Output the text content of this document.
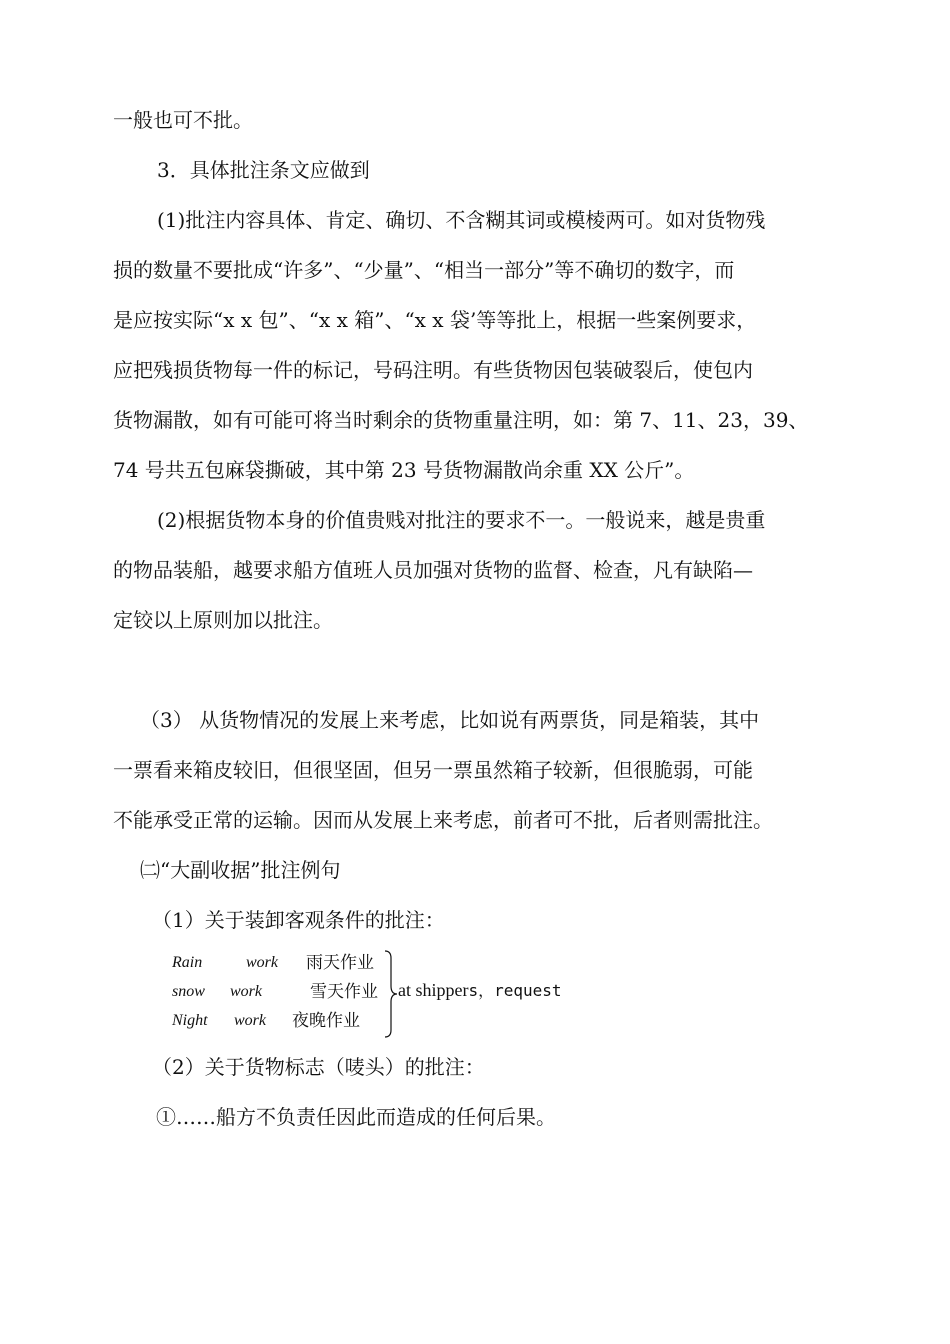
一般也可不批。
3．具体批注条文应做到
(1)批注内容具体、肯定、确切、不含糊其词或模棱两可。如对货物残
损的数量不要批成“许多”、“少量”、“相当一部分”等不确切的数字，而
是应按实际“x x 包”、“x x 箱”、“x x 袋’等等批上，根据一些案例要求，
应把残损货物每一件的标记，号码注明。有些货物因包装破裂后，使包内
货物漏散，如有可能可将当时剩余的货物重量注明，如：第 7、11、23，39、
74 号共五包麻袋撕破，其中第 23 号货物漏散尚余重 XX 公斤”。
(2)根据货物本身的价值贵贱对批注的要求不一。一般说来，越是贵重
的物品装船，越要求船方值班人员加强对货物的监督、检查，凡有缺陷—
定铰以上原则加以批注。
（3） 从货物情况的发展上来考虑，比如说有两票货，同是箱装，其中
一票看来箱皮较旧，但很坚固，但另一票虽然箱子较新，但很脆弱，可能
不能承受正常的运输。因而从发展上来考虑，前者可不批，后者则需批注。
㈡“大副收据”批注例句
（1）关于装卸客观条件的批注：
Rain	work 雨天作业
snow work	雪天作业
Night work 夜晚作业
at shippers，request
（2）关于货物标志（唛头）的批注：
①……船方不负责任因此而造成的任何后果。
